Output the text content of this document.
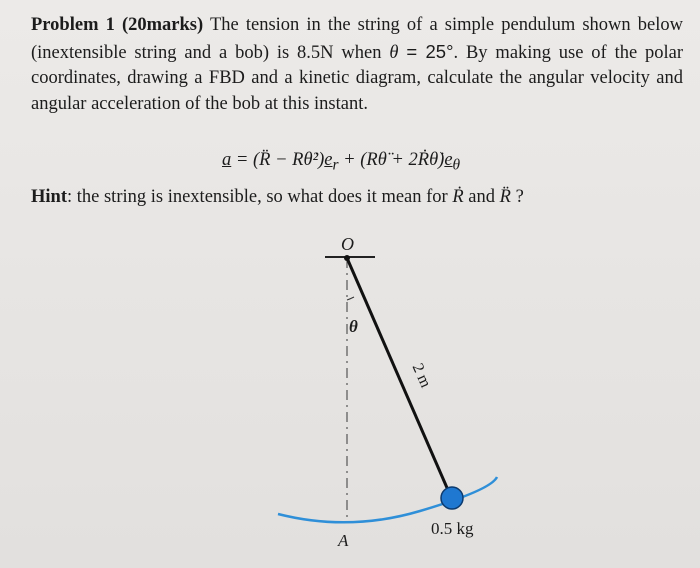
Problem 1 (20marks) The tension in the string of a simple pendulum shown below (inextensible string and a bob) is 8.5N when θ = 25°. By making use of the polar coordinates, drawing a FBD and a kinetic diagram, calculate the angular velocity and angular acceleration of the bob at this instant.
a = (R̈ − $R\thetȧ^2)e_r$ + (Rθ̈ + $2Ṙ\thetȧ)e_\theta$
Hint: the string is inextensible, so what does it mean for Ṙ and R̈ ?
O
θ
2 m
0.5 kg
A
